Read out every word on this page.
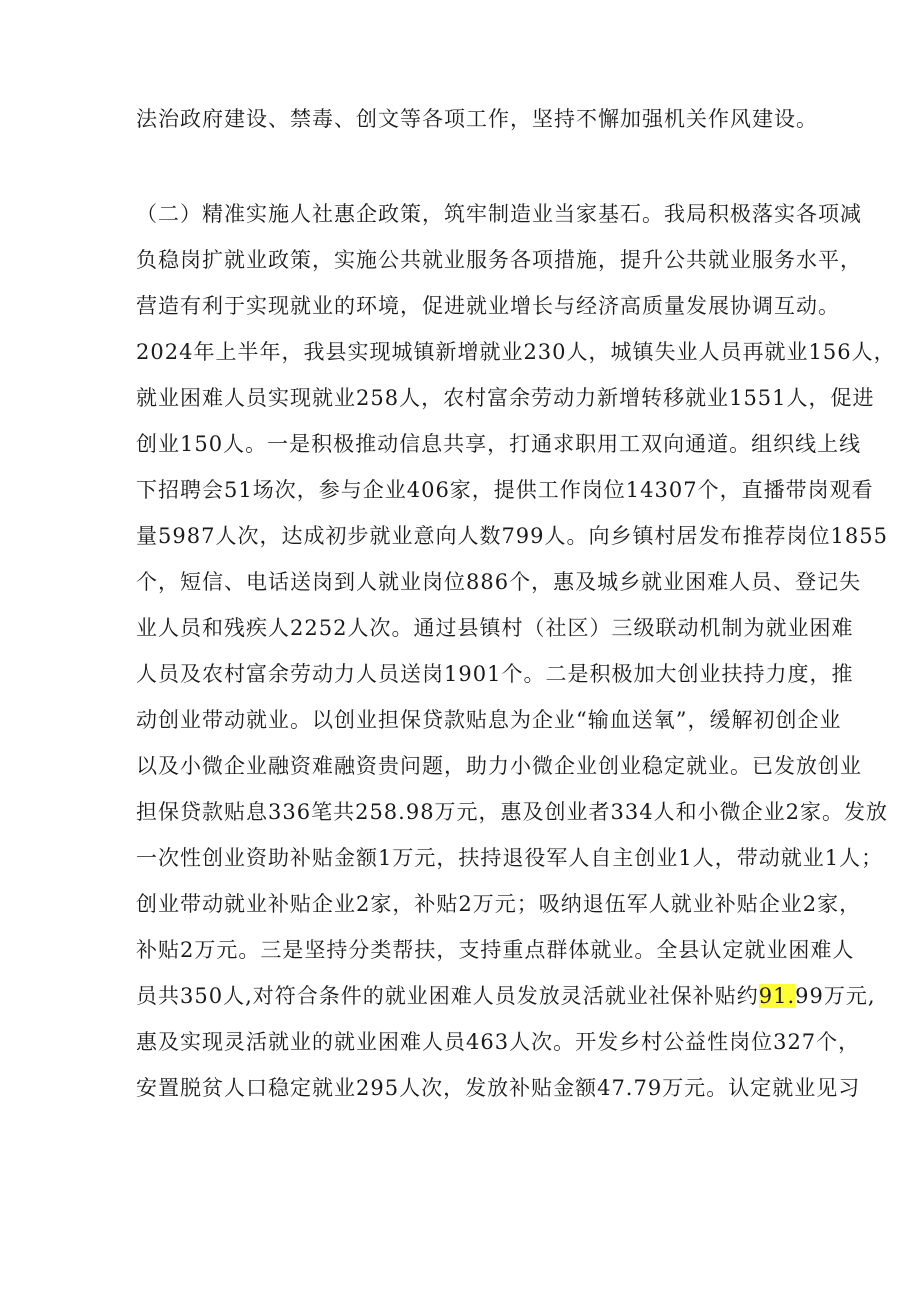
法治政府建设、禁毒、创文等各项工作，坚持不懈加强机关作风建设。
（二）精准实施人社惠企政策，筑牢制造业当家基石。我局积极落实各项减
负稳岗扩就业政策，实施公共就业服务各项措施，提升公共就业服务水平，
营造有利于实现就业的环境，促进就业增长与经济高质量发展协调互动。
2024年上半年，我县实现城镇新增就业230人，城镇失业人员再就业156人，
就业困难人员实现就业258人，农村富余劳动力新增转移就业1551人，促进
创业150人。一是积极推动信息共享，打通求职用工双向通道。组织线上线
下招聘会51场次，参与企业406家，提供工作岗位14307个，直播带岗观看
量5987人次，达成初步就业意向人数799人。向乡镇村居发布推荐岗位1855
个，短信、电话送岗到人就业岗位886个，惠及城乡就业困难人员、登记失
业人员和残疾人2252人次。通过县镇村（社区）三级联动机制为就业困难
人员及农村富余劳动力人员送岗1901个。二是积极加大创业扶持力度，推
动创业带动就业。以创业担保贷款贴息为企业“输血送氧”，缓解初创企业
以及小微企业融资难融资贵问题，助力小微企业创业稳定就业。已发放创业
担保贷款贴息336笔共258.98万元，惠及创业者334人和小微企业2家。发放
一次性创业资助补贴金额1万元，扶持退役军人自主创业1人，带动就业1人；
创业带动就业补贴企业2家，补贴2万元；吸纳退伍军人就业补贴企业2家，
补贴2万元。三是坚持分类帮扶，支持重点群体就业。全县认定就业困难人
员共350人,对符合条件的就业困难人员发放灵活就业社保补贴约91.99万元,
惠及实现灵活就业的就业困难人员463人次。开发乡村公益性岗位327个，
安置脱贫人口稳定就业295人次，发放补贴金额47.79万元。认定就业见习
